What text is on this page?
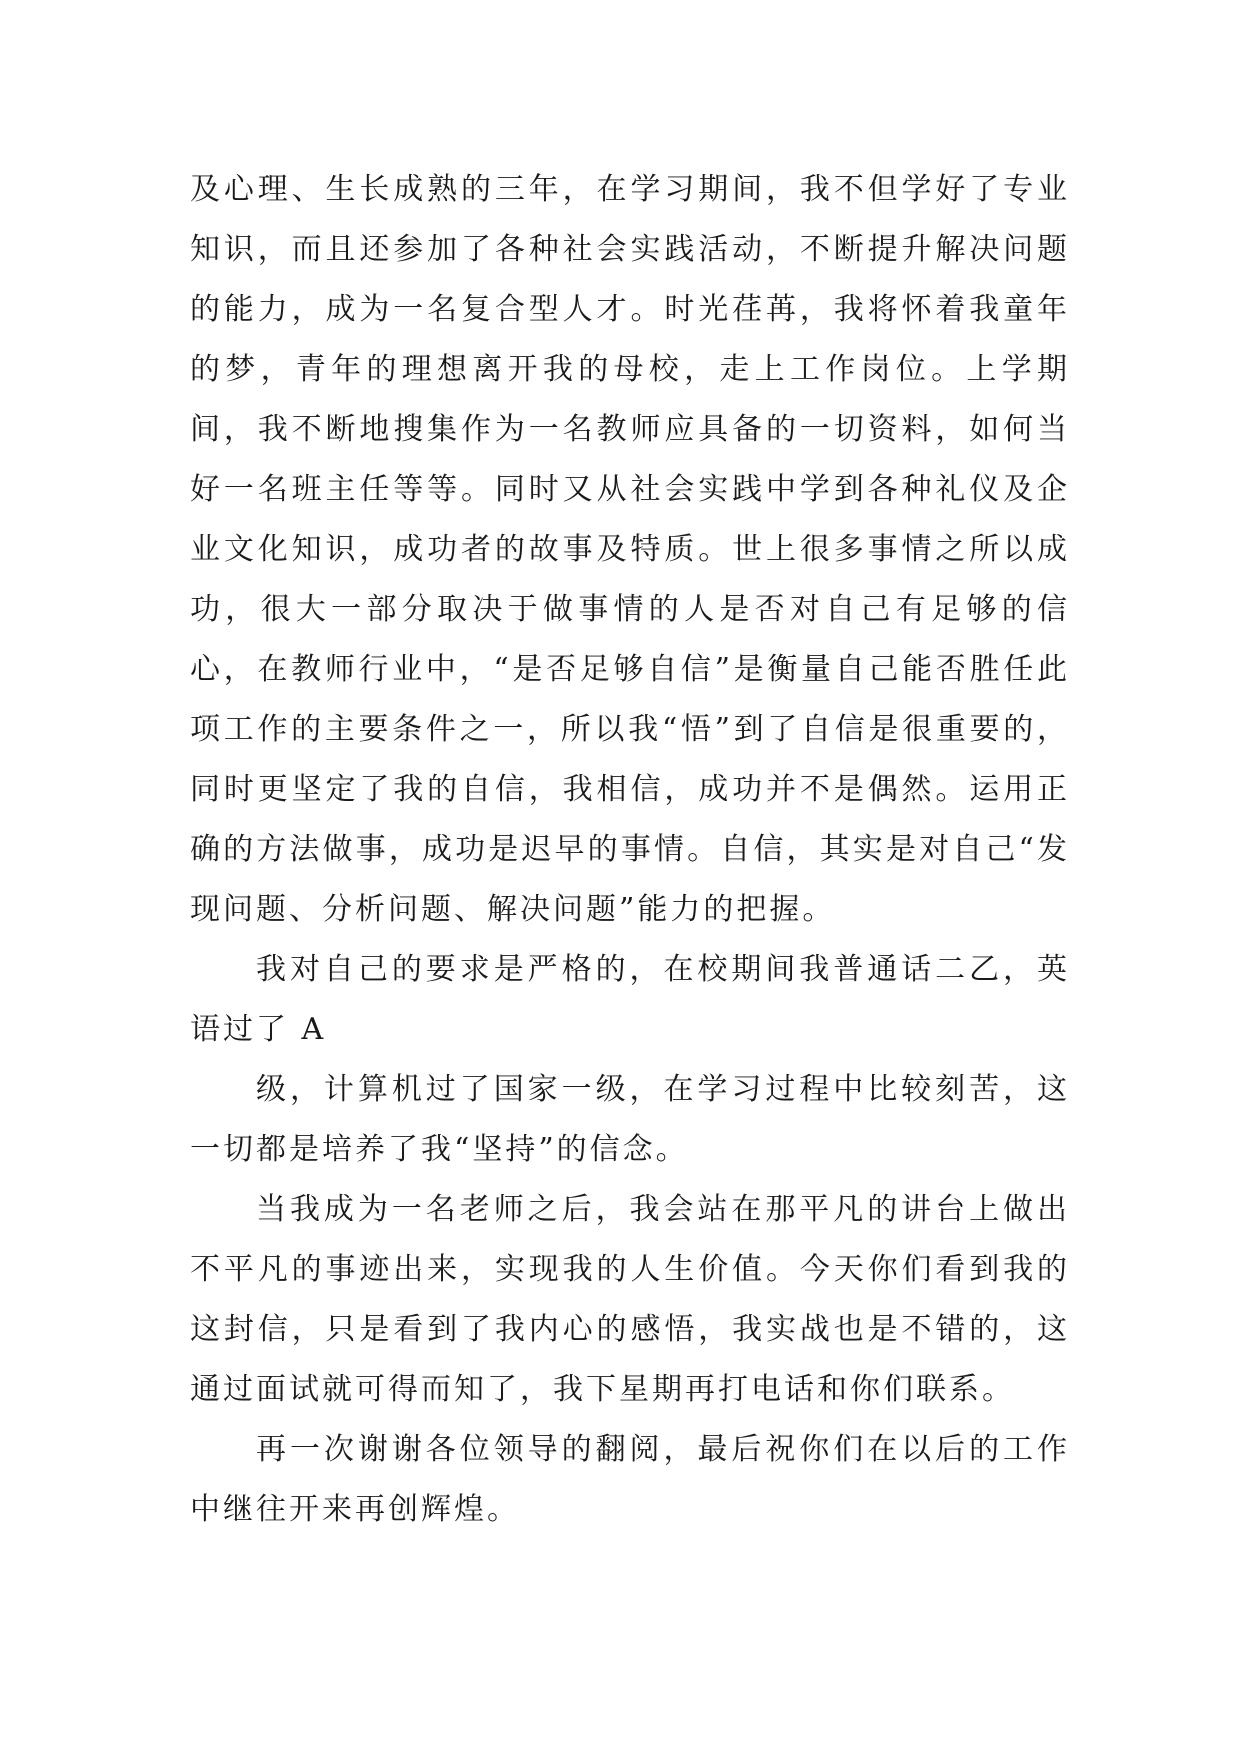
及心理、生长成熟的三年，在学习期间，我不但学好了专业知识，而且还参加了各种社会实践活动，不断提升解决问题的能力，成为一名复合型人才。时光荏苒，我将怀着我童年的梦，青年的理想离开我的母校，走上工作岗位。上学期间，我不断地搜集作为一名教师应具备的一切资料，如何当好一名班主任等等。同时又从社会实践中学到各种礼仪及企业文化知识，成功者的故事及特质。世上很多事情之所以成功，很大一部分取决于做事情的人是否对自己有足够的信心，在教师行业中，“是否足够自信”是衡量自己能否胜任此项工作的主要条件之一，所以我“悟”到了自信是很重要的，同时更坚定了我的自信，我相信，成功并不是偶然。运用正确的方法做事，成功是迟早的事情。自信，其实是对自己“发现问题、分析问题、解决问题”能力的把握。

我对自己的要求是严格的，在校期间我普通话二乙，英语过了 A

级，计算机过了国家一级，在学习过程中比较刻苦，这一切都是培养了我“坚持”的信念。

当我成为一名老师之后，我会站在那平凡的讲台上做出不平凡的事迹出来，实现我的人生价值。今天你们看到我的这封信，只是看到了我内心的感悟，我实战也是不错的，这通过面试就可得而知了，我下星期再打电话和你们联系。

再一次谢谢各位领导的翻阅，最后祝你们在以后的工作中继往开来再创辉煌。
